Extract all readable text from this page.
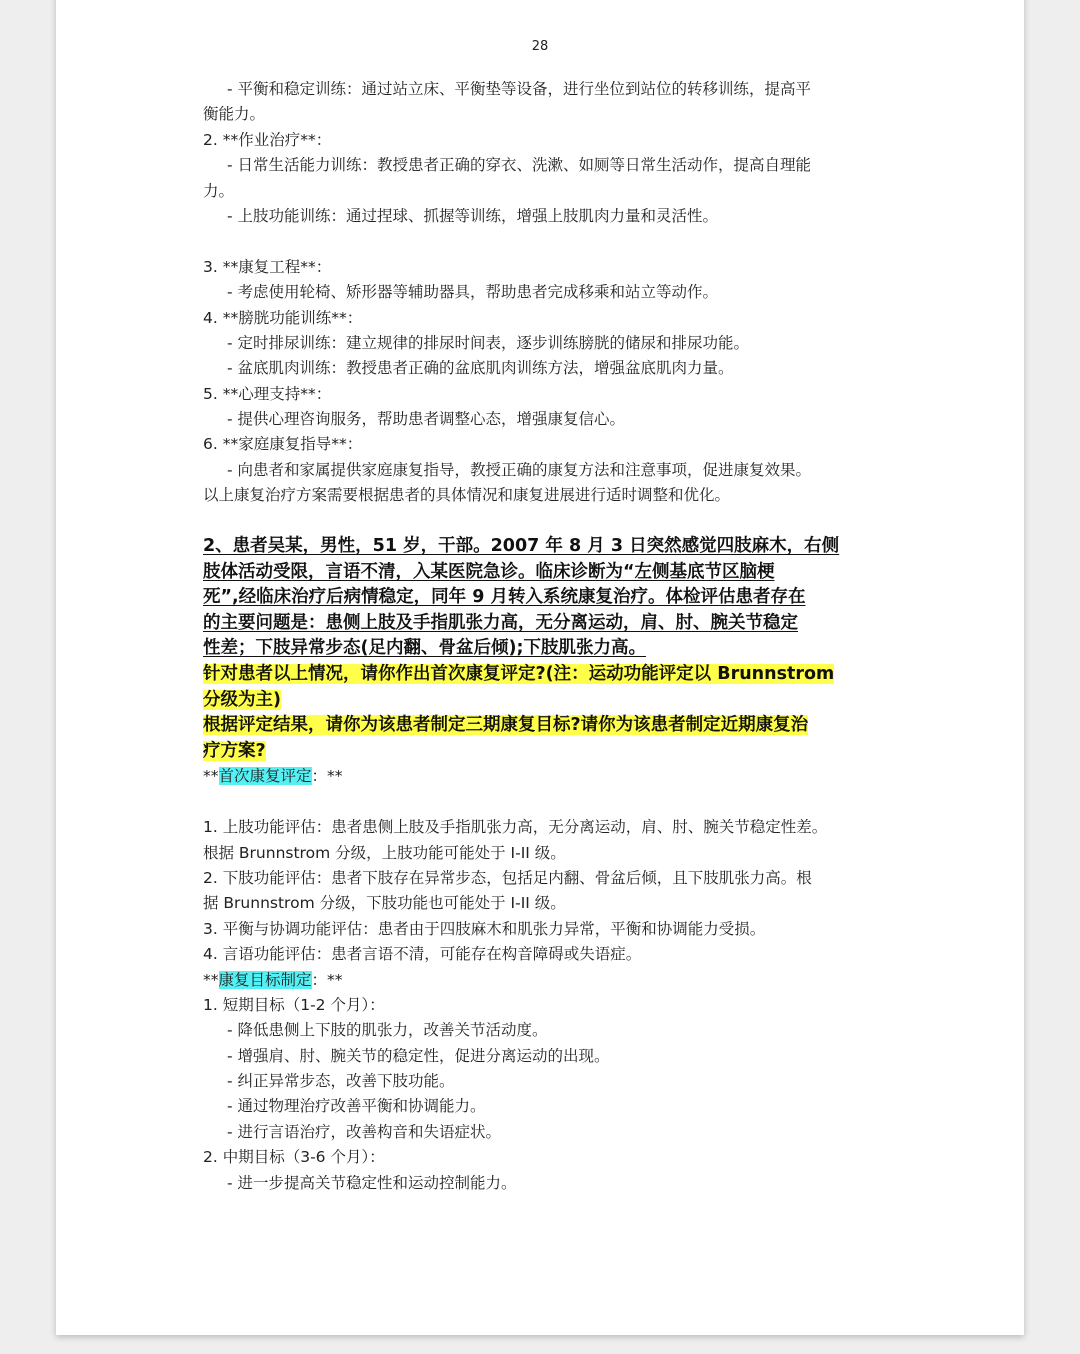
28
- 平衡和稳定训练：通过站立床、平衡垫等设备，进行坐位到站位的转移训练，提高平
衡能力。
2. **作业治疗**：
- 日常生活能力训练：教授患者正确的穿衣、洗漱、如厕等日常生活动作，提高自理能
力。
- 上肢功能训练：通过捏球、抓握等训练，增强上肢肌肉力量和灵活性。
3. **康复工程**：
- 考虑使用轮椅、矫形器等辅助器具，帮助患者完成移乘和站立等动作。
4. **膀胱功能训练**：
- 定时排尿训练：建立规律的排尿时间表，逐步训练膀胱的储尿和排尿功能。
- 盆底肌肉训练：教授患者正确的盆底肌肉训练方法，增强盆底肌肉力量。
5. **心理支持**：
- 提供心理咨询服务，帮助患者调整心态，增强康复信心。
6. **家庭康复指导**：
- 向患者和家属提供家庭康复指导，教授正确的康复方法和注意事项，促进康复效果。
以上康复治疗方案需要根据患者的具体情况和康复进展进行适时调整和优化。
2、患者吴某，男性，51 岁，干部。2007 年 8 月 3 日突然感觉四肢麻木，右侧
肢体活动受限，言语不清，入某医院急诊。临床诊断为“左侧基底节区脑梗
死”,经临床治疗后病情稳定，同年 9 月转入系统康复治疗。体检评估患者存在
的主要问题是：患侧上肢及手指肌张力高，无分离运动，肩、肘、腕关节稳定
性差；下肢异常步态(足内翻、骨盆后倾);下肢肌张力高。
针对患者以上情况，请你作出首次康复评定?(注：运动功能评定以 Brunnstrom
分级为主)
根据评定结果，请你为该患者制定三期康复目标?请你为该患者制定近期康复治
疗方案?
**首次康复评定：**
1. 上肢功能评估：患者患侧上肢及手指肌张力高，无分离运动，肩、肘、腕关节稳定性差。
根据 Brunnstrom 分级，上肢功能可能处于 I-II 级。
2. 下肢功能评估：患者下肢存在异常步态，包括足内翻、骨盆后倾，且下肢肌张力高。根
据 Brunnstrom 分级，下肢功能也可能处于 I-II 级。
3. 平衡与协调功能评估：患者由于四肢麻木和肌张力异常，平衡和协调能力受损。
4. 言语功能评估：患者言语不清，可能存在构音障碍或失语症。
**康复目标制定：**
1. 短期目标（1-2 个月）：
- 降低患侧上下肢的肌张力，改善关节活动度。
- 增强肩、肘、腕关节的稳定性，促进分离运动的出现。
- 纠正异常步态，改善下肢功能。
- 通过物理治疗改善平衡和协调能力。
- 进行言语治疗，改善构音和失语症状。
2. 中期目标（3-6 个月）：
- 进一步提高关节稳定性和运动控制能力。
